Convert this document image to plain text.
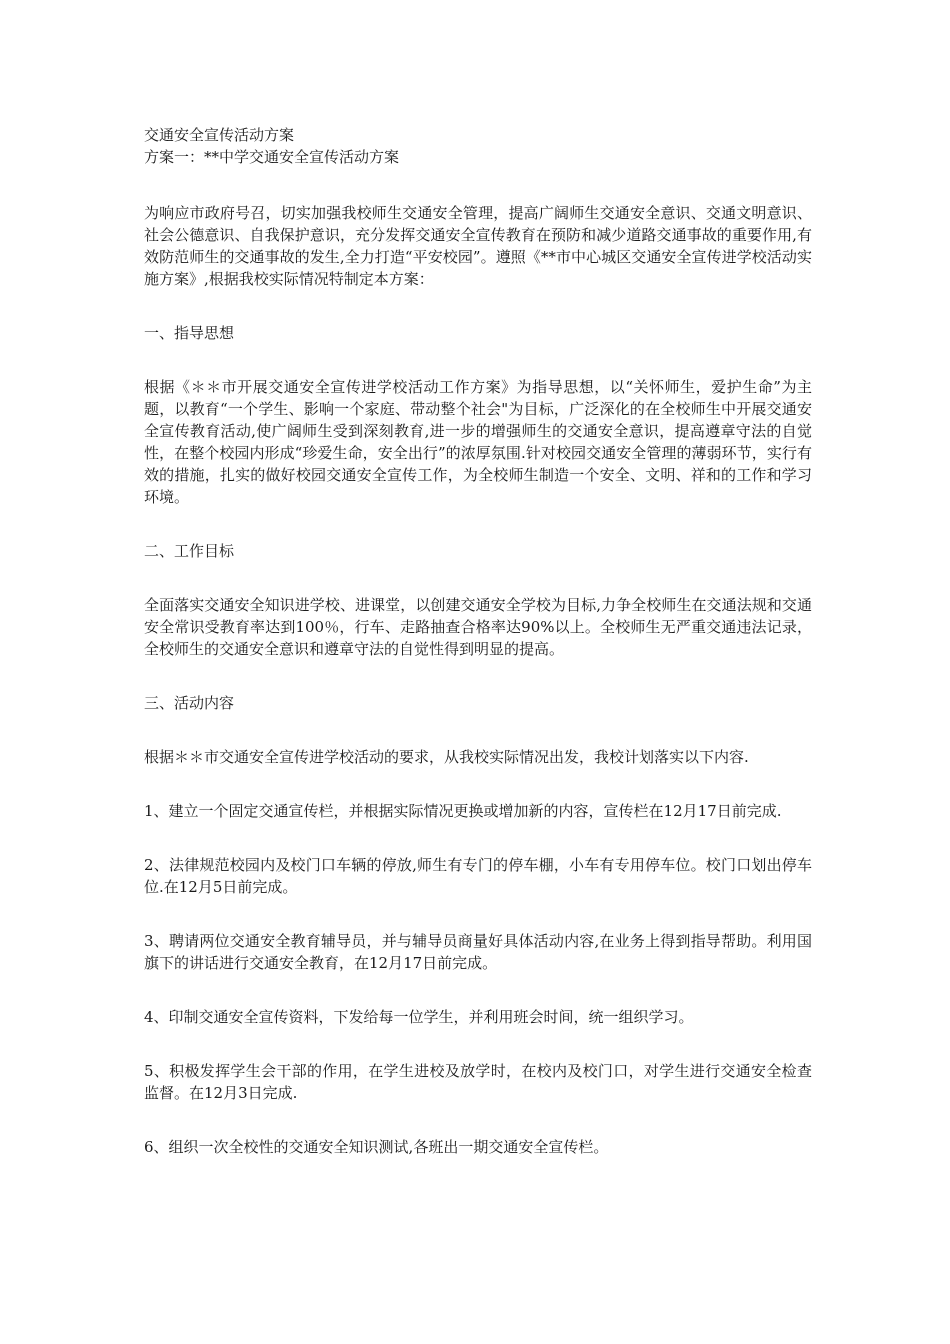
交通安全宣传活动方案

方案一：**中学交通安全宣传活动方案

为响应市政府号召，切实加强我校师生交通安全管理，提高广阔师生交通安全意识、交通文明意识、社会公德意识、自我保护意识，充分发挥交通安全宣传教育在预防和减少道路交通事故的重要作用,有效防范师生的交通事故的发生,全力打造“平安校园”。遵照《**市中心城区交通安全宣传进学校活动实施方案》,根据我校实际情况特制定本方案：

一、指导思想

根据《＊＊市开展交通安全宣传进学校活动工作方案》为指导思想，以“关怀师生，爱护生命”为主题，以教育“一个学生、影响一个家庭、带动整个社会"为目标，广泛深化的在全校师生中开展交通安全宣传教育活动,使广阔师生受到深刻教育,进一步的增强师生的交通安全意识，提高遵章守法的自觉性，在整个校园内形成“珍爱生命，安全出行”的浓厚氛围.针对校园交通安全管理的薄弱环节，实行有效的措施，扎实的做好校园交通安全宣传工作，为全校师生制造一个安全、文明、祥和的工作和学习环境。

二、工作目标

全面落实交通安全知识进学校、进课堂，以创建交通安全学校为目标,力争全校师生在交通法规和交通安全常识受教育率达到100％，行车、走路抽查合格率达90%以上。全校师生无严重交通违法记录，全校师生的交通安全意识和遵章守法的自觉性得到明显的提高。

三、活动内容

根据＊＊市交通安全宣传进学校活动的要求，从我校实际情况出发，我校计划落实以下内容.

1、建立一个固定交通宣传栏，并根据实际情况更换或增加新的内容，宣传栏在12月17日前完成.

2、法律规范校园内及校门口车辆的停放,师生有专门的停车棚，小车有专用停车位。校门口划出停车位.在12月5日前完成。

3、聘请两位交通安全教育辅导员，并与辅导员商量好具体活动内容,在业务上得到指导帮助。利用国旗下的讲话进行交通安全教育，在12月17日前完成。

4、印制交通安全宣传资料，下发给每一位学生，并利用班会时间，统一组织学习。

5、积极发挥学生会干部的作用，在学生进校及放学时，在校内及校门口，对学生进行交通安全检查监督。在12月3日完成.

6、组织一次全校性的交通安全知识测试,各班出一期交通安全宣传栏。
